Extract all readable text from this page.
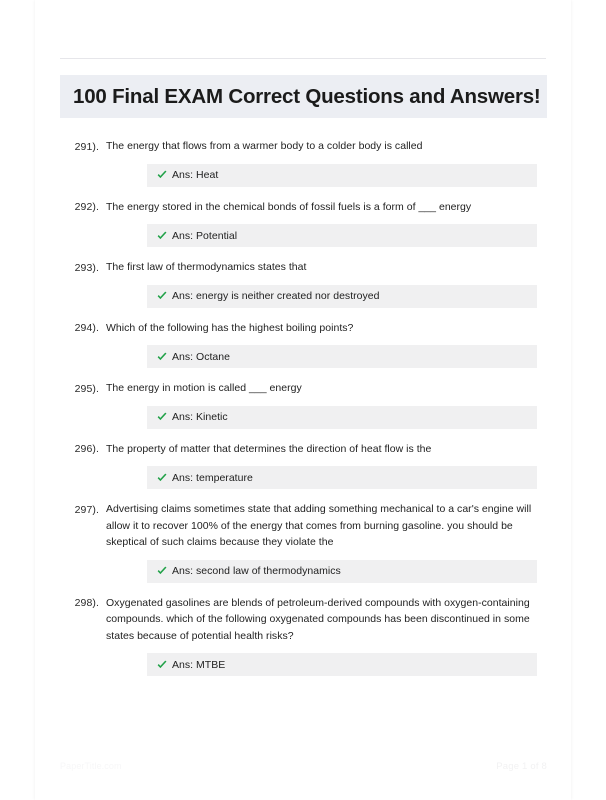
100 Final EXAM Correct Questions and Answers!
291). The energy that flows from a warmer body to a colder body is called
Ans: Heat
292). The energy stored in the chemical bonds of fossil fuels is a form of ___ energy
Ans: Potential
293). The first law of thermodynamics states that
Ans: energy is neither created nor destroyed
294). Which of the following has the highest boiling points?
Ans: Octane
295). The energy in motion is called ___ energy
Ans: Kinetic
296). The property of matter that determines the direction of heat flow is the
Ans: temperature
297). Advertising claims sometimes state that adding something mechanical to a car's engine will allow it to recover 100% of the energy that comes from burning gasoline. you should be skeptical of such claims because they violate the
Ans: second law of thermodynamics
298). Oxygenated gasolines are blends of petroleum-derived compounds with oxygen-containing compounds. which of the following oxygenated compounds has been discontinued in some states because of potential health risks?
Ans: MTBE
PaperTitle.com	Page 1 of 8
